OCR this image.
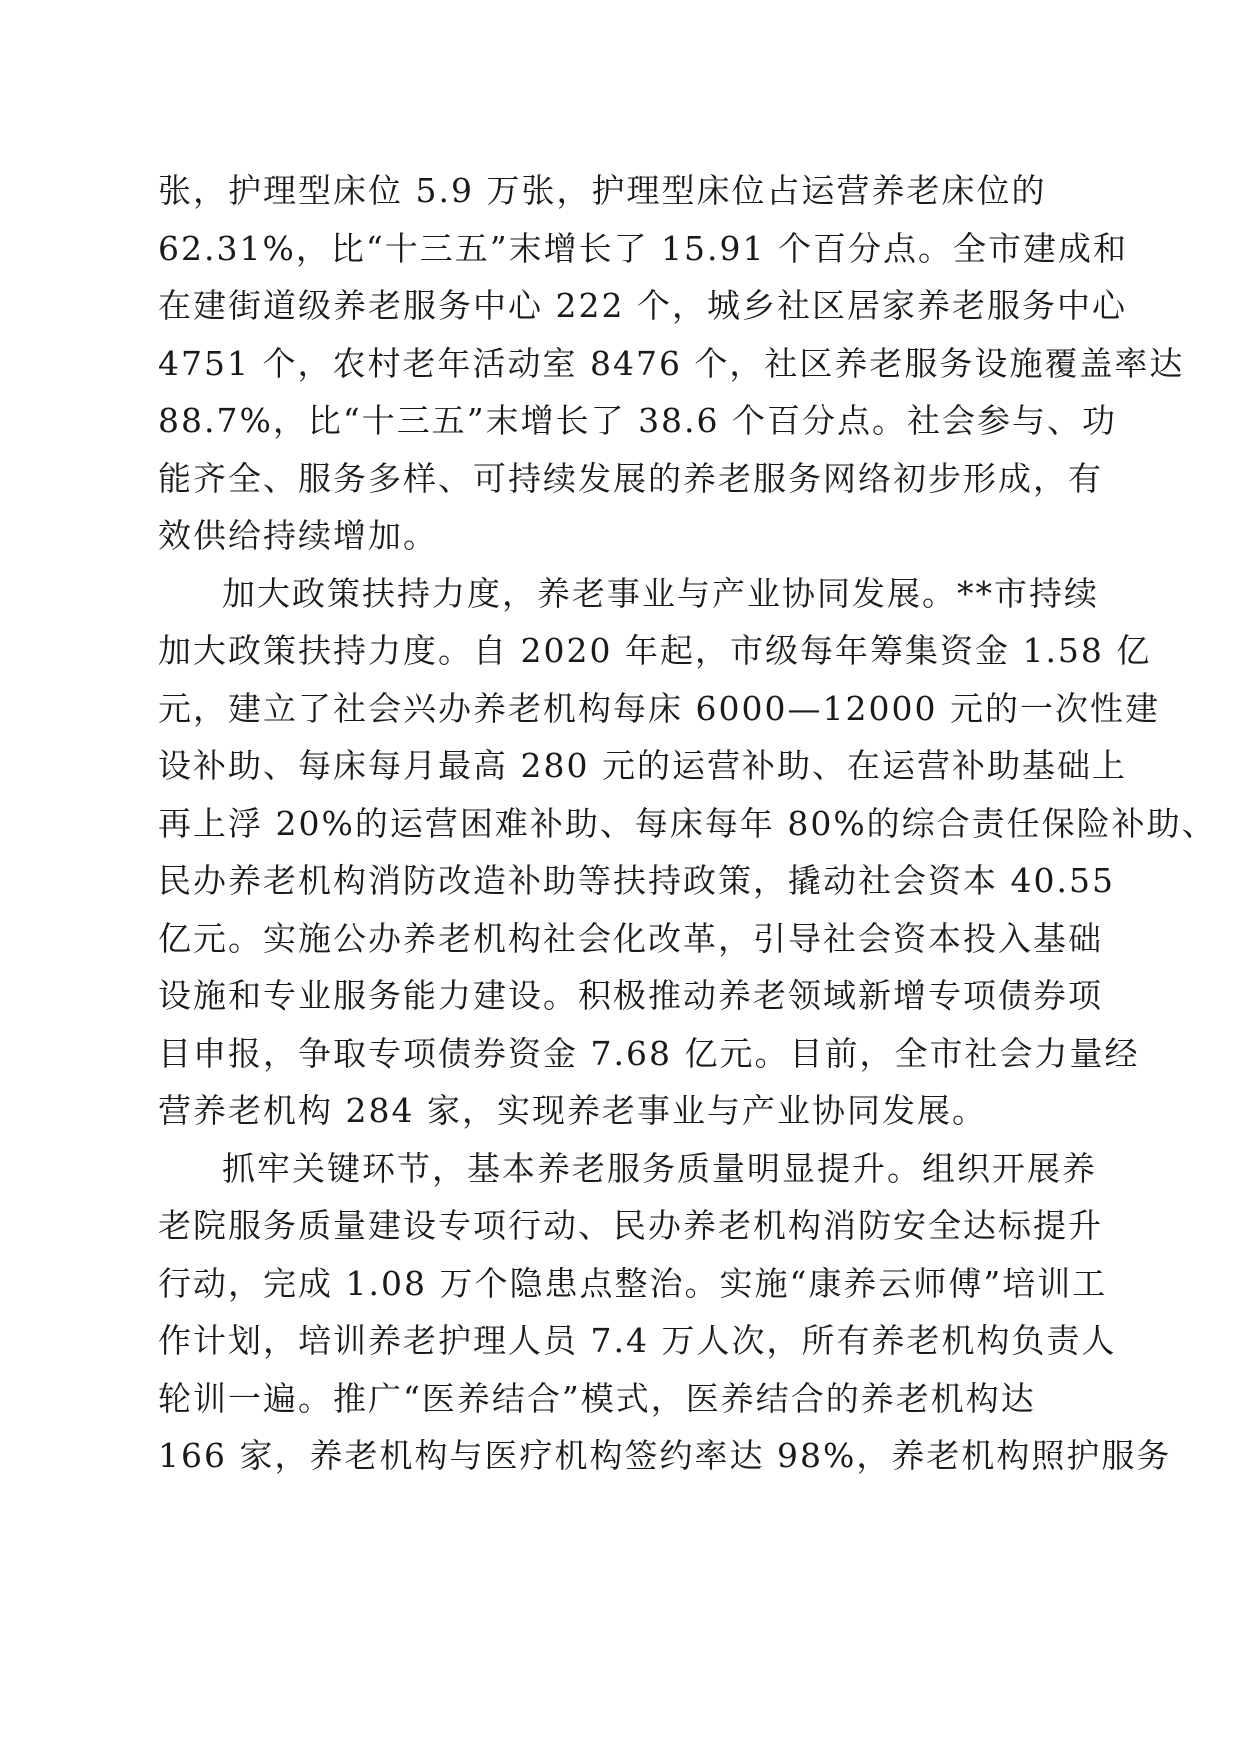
张，护理型床位 5.9 万张，护理型床位占运营养老床位的
62.31%，比“十三五”末增长了 15.91 个百分点。全市建成和
在建街道级养老服务中心 222 个，城乡社区居家养老服务中心
4751 个，农村老年活动室 8476 个，社区养老服务设施覆盖率达
88.7%，比“十三五”末增长了 38.6 个百分点。社会参与、功
能齐全、服务多样、可持续发展的养老服务网络初步形成，有
效供给持续增加。
加大政策扶持力度，养老事业与产业协同发展。**市持续
加大政策扶持力度。自 2020 年起，市级每年筹集资金 1.58 亿
元，建立了社会兴办养老机构每床 6000—12000 元的一次性建
设补助、每床每月最高 280 元的运营补助、在运营补助基础上
再上浮 20%的运营困难补助、每床每年 80%的综合责任保险补助、
民办养老机构消防改造补助等扶持政策，撬动社会资本 40.55
亿元。实施公办养老机构社会化改革，引导社会资本投入基础
设施和专业服务能力建设。积极推动养老领域新增专项债券项
目申报，争取专项债券资金 7.68 亿元。目前，全市社会力量经
营养老机构 284 家，实现养老事业与产业协同发展。
抓牢关键环节，基本养老服务质量明显提升。组织开展养
老院服务质量建设专项行动、民办养老机构消防安全达标提升
行动，完成 1.08 万个隐患点整治。实施“康养云师傅”培训工
作计划，培训养老护理人员 7.4 万人次，所有养老机构负责人
轮训一遍。推广“医养结合”模式，医养结合的养老机构达
166 家，养老机构与医疗机构签约率达 98%，养老机构照护服务
